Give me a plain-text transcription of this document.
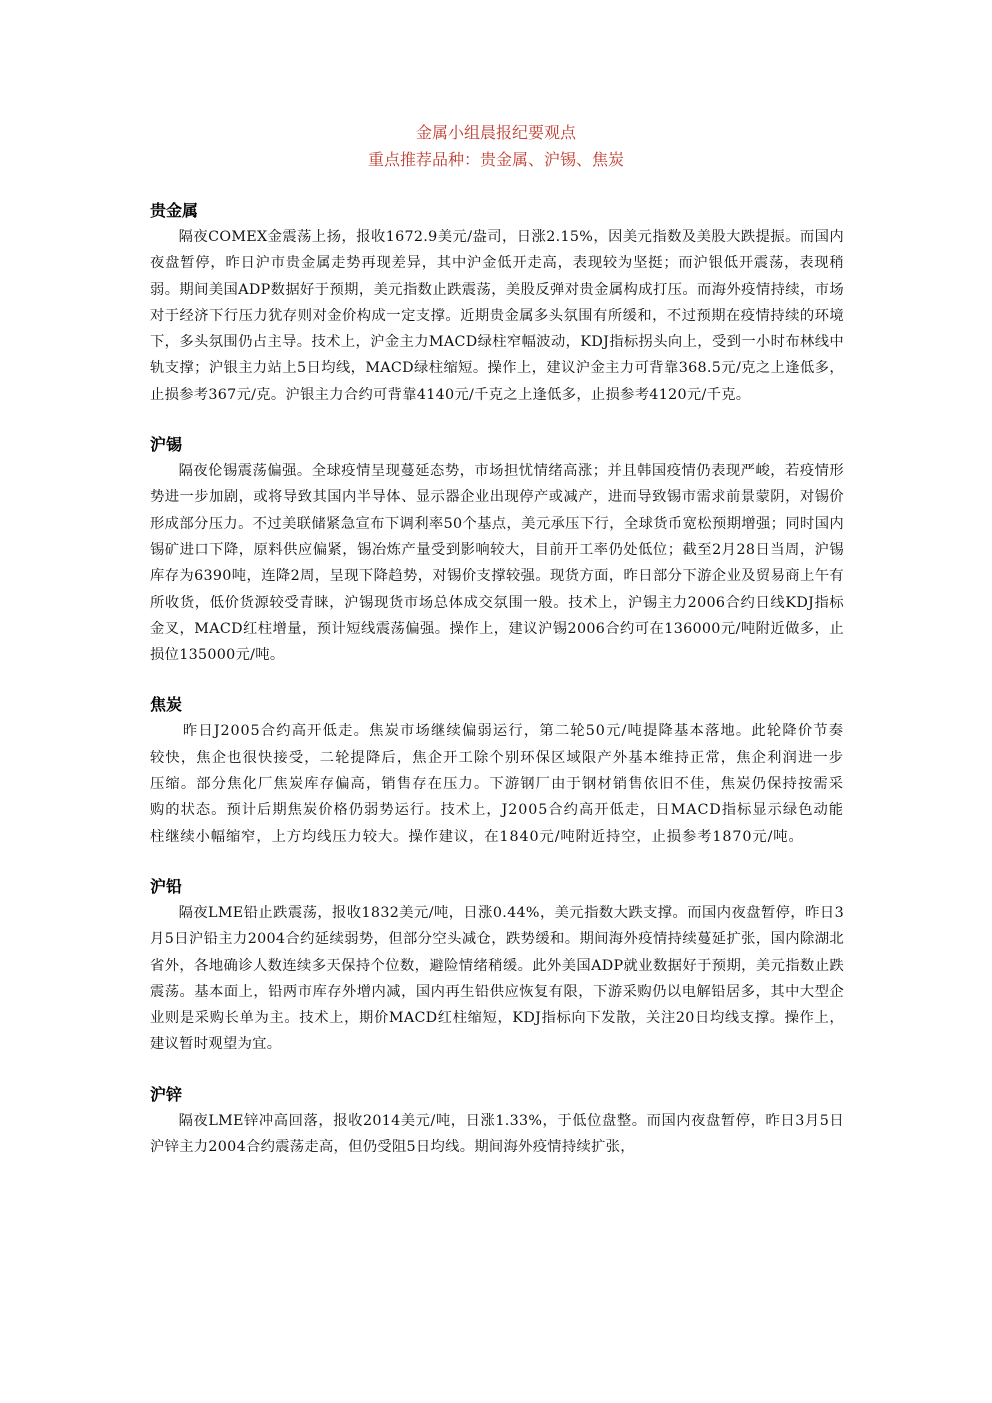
金属小组晨报纪要观点
重点推荐品种：贵金属、沪锡、焦炭
贵金属

隔夜COMEX金震荡上扬，报收1672.9美元/盎司，日涨2.15%，因美元指数及美股大跌提振。而国内夜盘暂停，昨日沪市贵金属走势再现差异，其中沪金低开走高，表现较为坚挺；而沪银低开震荡，表现稍弱。期间美国ADP数据好于预期，美元指数止跌震荡，美股反弹对贵金属构成打压。而海外疫情持续，市场对于经济下行压力犹存则对金价构成一定支撑。近期贵金属多头氛围有所缓和，不过预期在疫情持续的环境下，多头氛围仍占主导。技术上，沪金主力MACD绿柱窄幅波动，KDJ指标拐头向上，受到一小时布林线中轨支撑；沪银主力站上5日均线，MACD绿柱缩短。操作上，建议沪金主力可背靠368.5元/克之上逢低多，止损参考367元/克。沪银主力合约可背靠4140元/千克之上逢低多，止损参考4120元/千克。

沪锡

隔夜伦锡震荡偏强。全球疫情呈现蔓延态势，市场担忧情绪高涨；并且韩国疫情仍表现严峻，若疫情形势进一步加剧，或将导致其国内半导体、显示器企业出现停产或减产，进而导致锡市需求前景蒙阴，对锡价形成部分压力。不过美联储紧急宣布下调利率50个基点，美元承压下行，全球货币宽松预期增强；同时国内锡矿进口下降，原料供应偏紧，锡冶炼产量受到影响较大，目前开工率仍处低位；截至2月28日当周，沪锡库存为6390吨，连降2周，呈现下降趋势，对锡价支撑较强。现货方面，昨日部分下游企业及贸易商上午有所收货，低价货源较受青睐，沪锡现货市场总体成交氛围一般。技术上，沪锡主力2006合约日线KDJ指标金叉，MACD红柱增量，预计短线震荡偏强。操作上，建议沪锡2006合约可在136000元/吨附近做多，止损位135000元/吨。

焦炭

昨日J2005合约高开低走。焦炭市场继续偏弱运行，第二轮50元/吨提降基本落地。此轮降价节奏较快，焦企也很快接受，二轮提降后，焦企开工除个别环保区域限产外基本维持正常，焦企利润进一步压缩。部分焦化厂焦炭库存偏高，销售存在压力。下游钢厂由于钢材销售依旧不佳，焦炭仍保持按需采购的状态。预计后期焦炭价格仍弱势运行。技术上，J2005合约高开低走，日MACD指标显示绿色动能柱继续小幅缩窄，上方均线压力较大。操作建议，在1840元/吨附近持空，止损参考1870元/吨。

沪铅

隔夜LME铅止跌震荡，报收1832美元/吨，日涨0.44%，美元指数大跌支撑。而国内夜盘暂停，昨日3月5日沪铅主力2004合约延续弱势，但部分空头减仓，跌势缓和。期间海外疫情持续蔓延扩张，国内除湖北省外，各地确诊人数连续多天保持个位数，避险情绪稍缓。此外美国ADP就业数据好于预期，美元指数止跌震荡。基本面上，铅两市库存外增内减，国内再生铅供应恢复有限，下游采购仍以电解铅居多，其中大型企业则是采购长单为主。技术上，期价MACD红柱缩短，KDJ指标向下发散，关注20日均线支撑。操作上，建议暂时观望为宜。

沪锌

隔夜LME锌冲高回落，报收2014美元/吨，日涨1.33%，于低位盘整。而国内夜盘暂停，昨日3月5日沪锌主力2004合约震荡走高，但仍受阻5日均线。期间海外疫情持续扩张，
